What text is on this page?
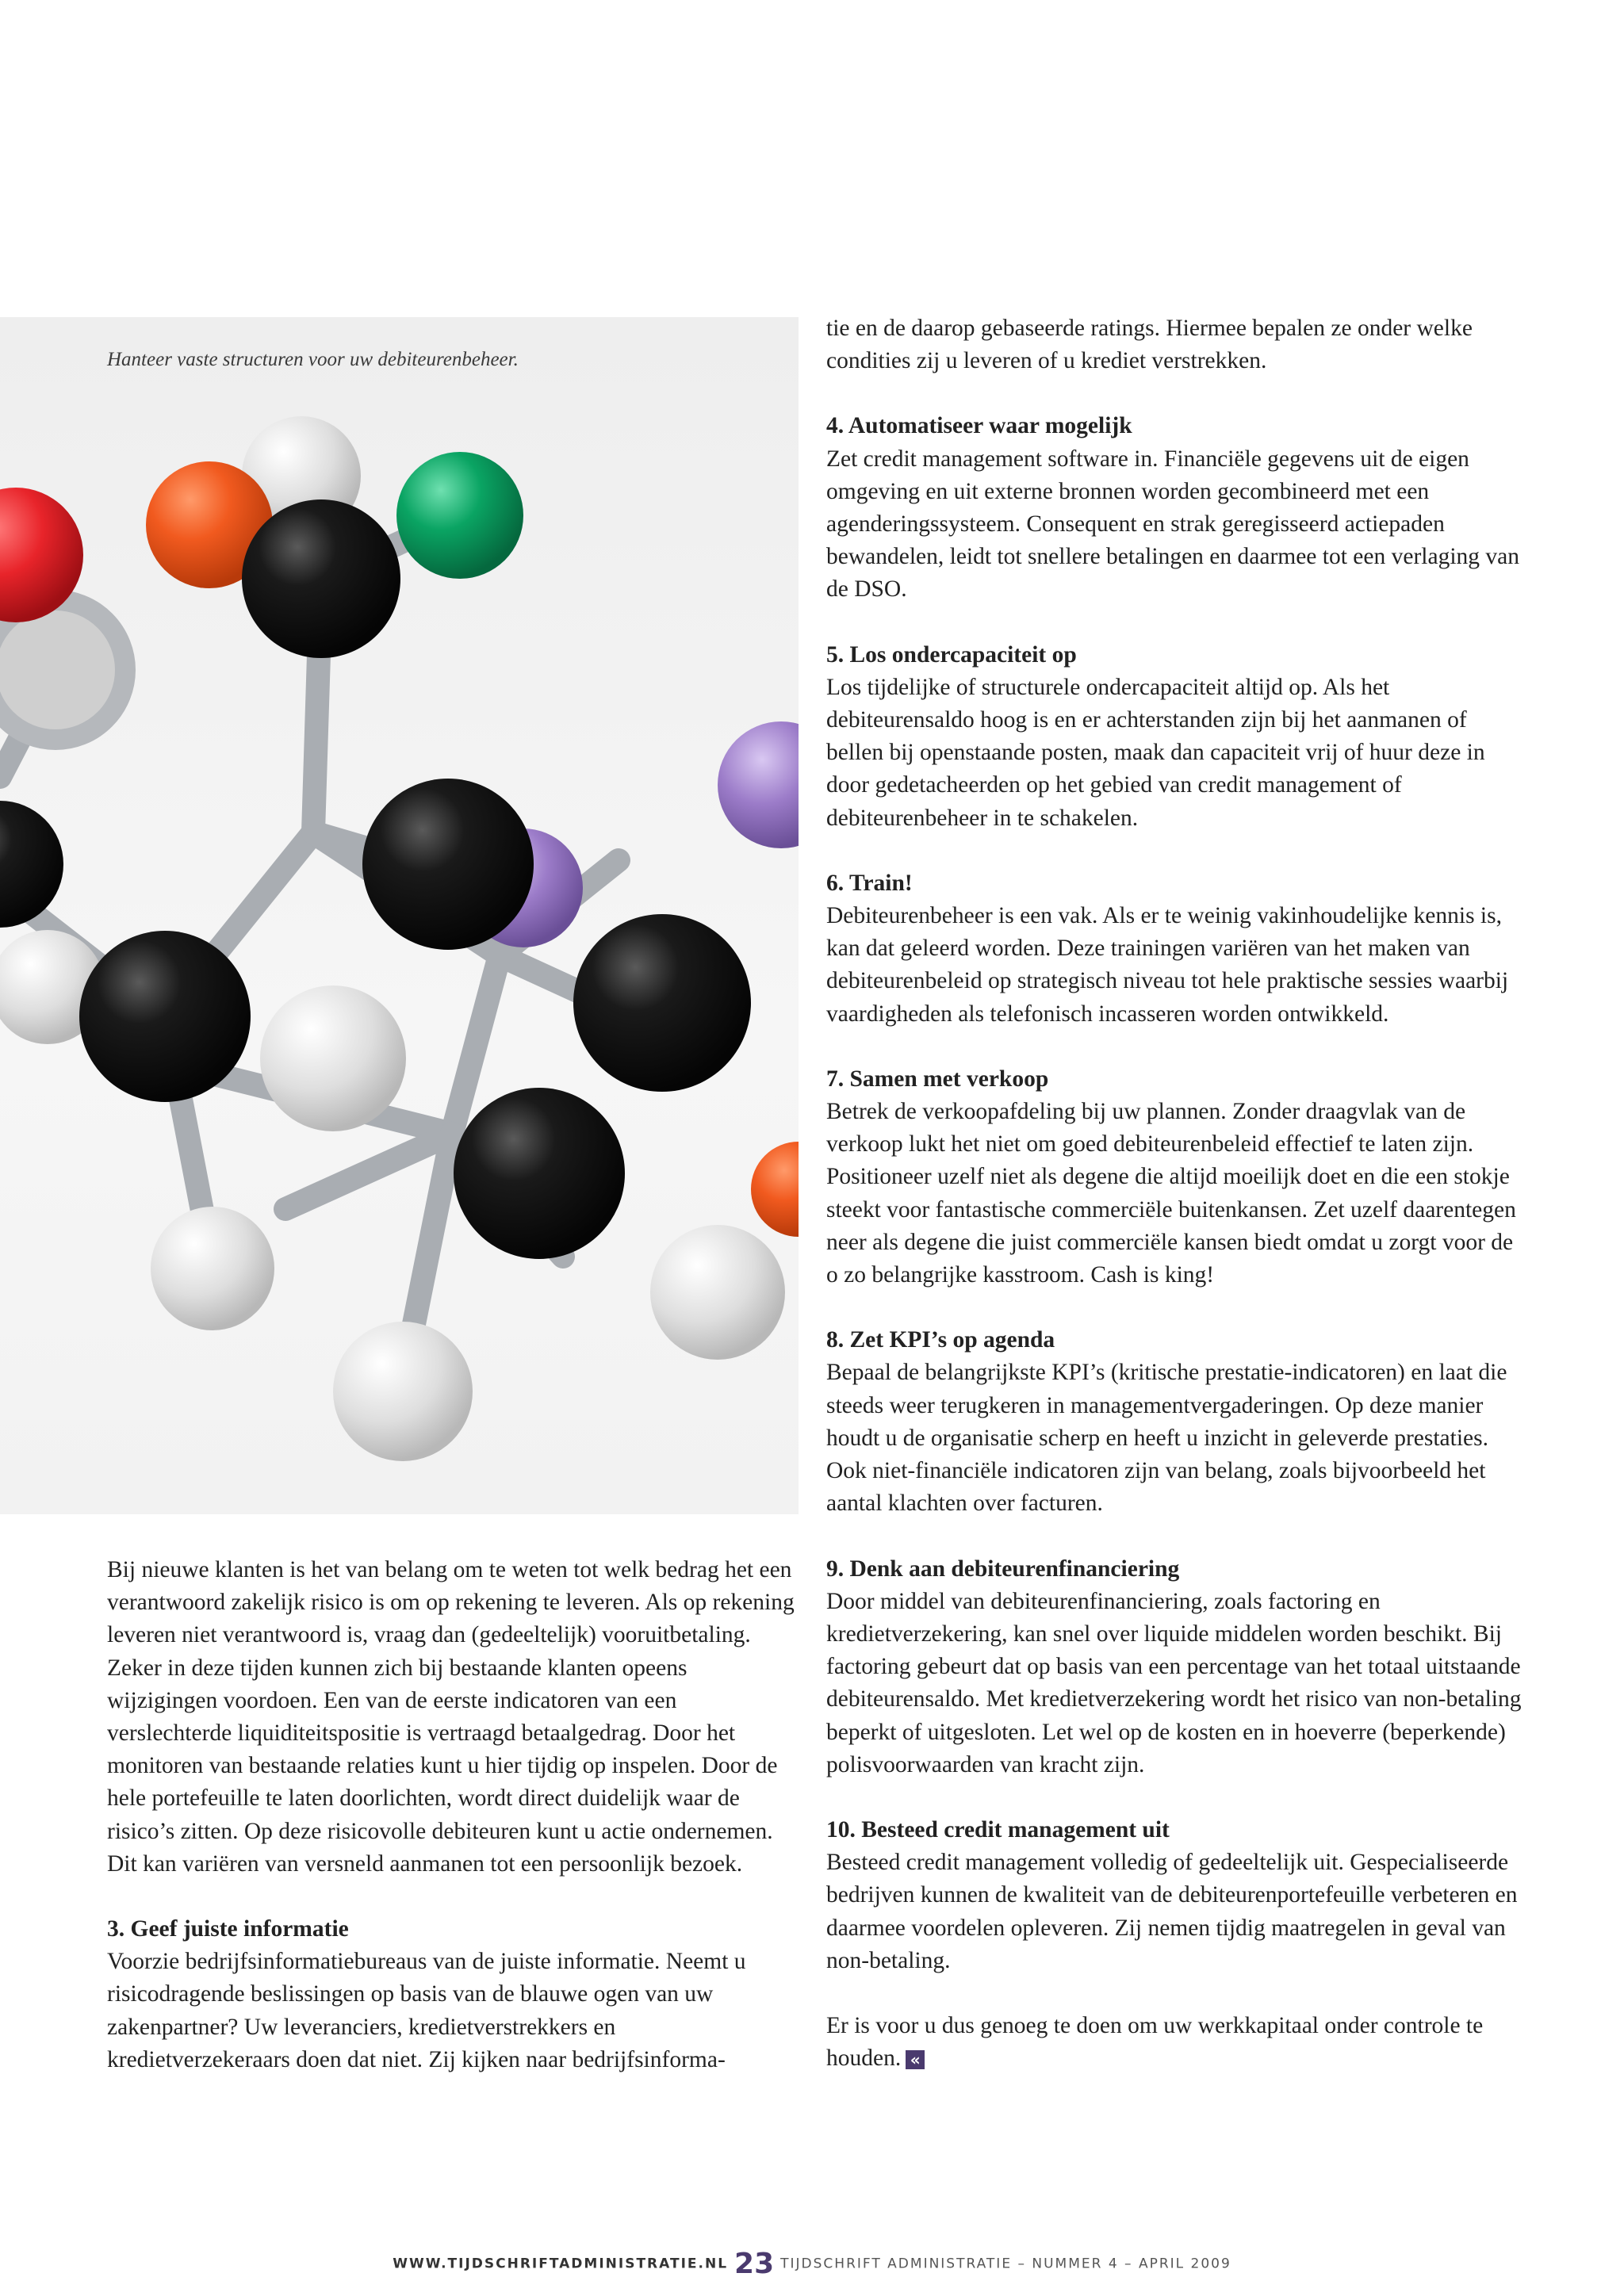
Hanteer vaste structuren voor uw debiteurenbeheer.

Bij nieuwe klanten is het van belang om te weten tot welk bedrag het een verantwoord zakelijk risico is om op rekening te leveren. Als op rekening leveren niet verantwoord is, vraag dan (gedeeltelijk) vooruitbetaling.

Zeker in deze tijden kunnen zich bij bestaande klanten opeens wijzigingen voordoen. Een van de eerste indicatoren van een verslechterde liquiditeitspositie is vertraagd betaalgedrag. Door het monitoren van bestaande relaties kunt u hier tijdig op inspelen. Door de hele portefeuille te laten doorlichten, wordt direct duidelijk waar de risico’s zitten. Op deze risicovolle debiteuren kunt u actie ondernemen. Dit kan variëren van versneld aanmanen tot een persoonlijk bezoek.

3. Geef juiste informatie

Voorzie bedrijfsinformatiebureaus van de juiste informatie. Neemt u risicodragende beslissingen op basis van de blauwe ogen van uw zakenpartner? Uw leveranciers, kredietverstrekkers en kredietverzekeraars doen dat niet. Zij kijken naar bedrijfsinforma-

tie en de daarop gebaseerde ratings. Hiermee bepalen ze onder welke condities zij u leveren of u krediet verstrekken.

4. Automatiseer waar mogelijk

Zet credit management software in. Financiële gegevens uit de eigen omgeving en uit externe bronnen worden gecombineerd met een agenderingssysteem. Consequent en strak geregisseerd actiepaden bewandelen, leidt tot snellere betalingen en daarmee tot een verlaging van de DSO.

5. Los ondercapaciteit op

Los tijdelijke of structurele ondercapaciteit altijd op. Als het debiteurensaldo hoog is en er achterstanden zijn bij het aanmanen of bellen bij openstaande posten, maak dan capaciteit vrij of huur deze in door gedetacheerden op het gebied van credit management of debiteurenbeheer in te schakelen.

6. Train!

Debiteurenbeheer is een vak. Als er te weinig vakinhoudelijke kennis is, kan dat geleerd worden. Deze trainingen variëren van het maken van debiteurenbeleid op strategisch niveau tot hele praktische sessies waarbij vaardigheden als telefonisch incasseren worden ontwikkeld.

7. Samen met verkoop

Betrek de verkoopafdeling bij uw plannen. Zonder draagvlak van de verkoop lukt het niet om goed debiteurenbeleid effectief te laten zijn. Positioneer uzelf niet als degene die altijd moeilijk doet en die een stokje steekt voor fantastische commerciële buitenkansen. Zet uzelf daarentegen neer als degene die juist commerciële kansen biedt omdat u zorgt voor de o zo belangrijke kasstroom. Cash is king!

8. Zet KPI’s op agenda

Bepaal de belangrijkste KPI’s (kritische prestatie-indicatoren) en laat die steeds weer terugkeren in managementvergaderingen. Op deze manier houdt u de organisatie scherp en heeft u inzicht in geleverde prestaties. Ook niet-financiële indicatoren zijn van belang, zoals bijvoorbeeld het aantal klachten over facturen.

9. Denk aan debiteurenfinanciering

Door middel van debiteurenfinanciering, zoals factoring en kredietverzekering, kan snel over liquide middelen worden beschikt. Bij factoring gebeurt dat op basis van een percentage van het totaal uitstaande debiteurensaldo. Met kredietverzekering wordt het risico van non-betaling beperkt of uitgesloten. Let wel op de kosten en in hoeverre (beperkende) polisvoorwaarden van kracht zijn.

10. Besteed credit management uit

Besteed credit management volledig of gedeeltelijk uit. Gespecialiseerde bedrijven kunnen de kwaliteit van de debiteurenportefeuille verbeteren en daarmee voordelen opleveren. Zij nemen tijdig maatregelen in geval van non-betaling.

Er is voor u dus genoeg te doen om uw werkkapitaal onder controle te houden. «

WWW.TIJDSCHRIFTADMINISTRATIE.NL 23 TIJDSCHRIFT ADMINISTRATIE – NUMMER 4 – APRIL 2009
